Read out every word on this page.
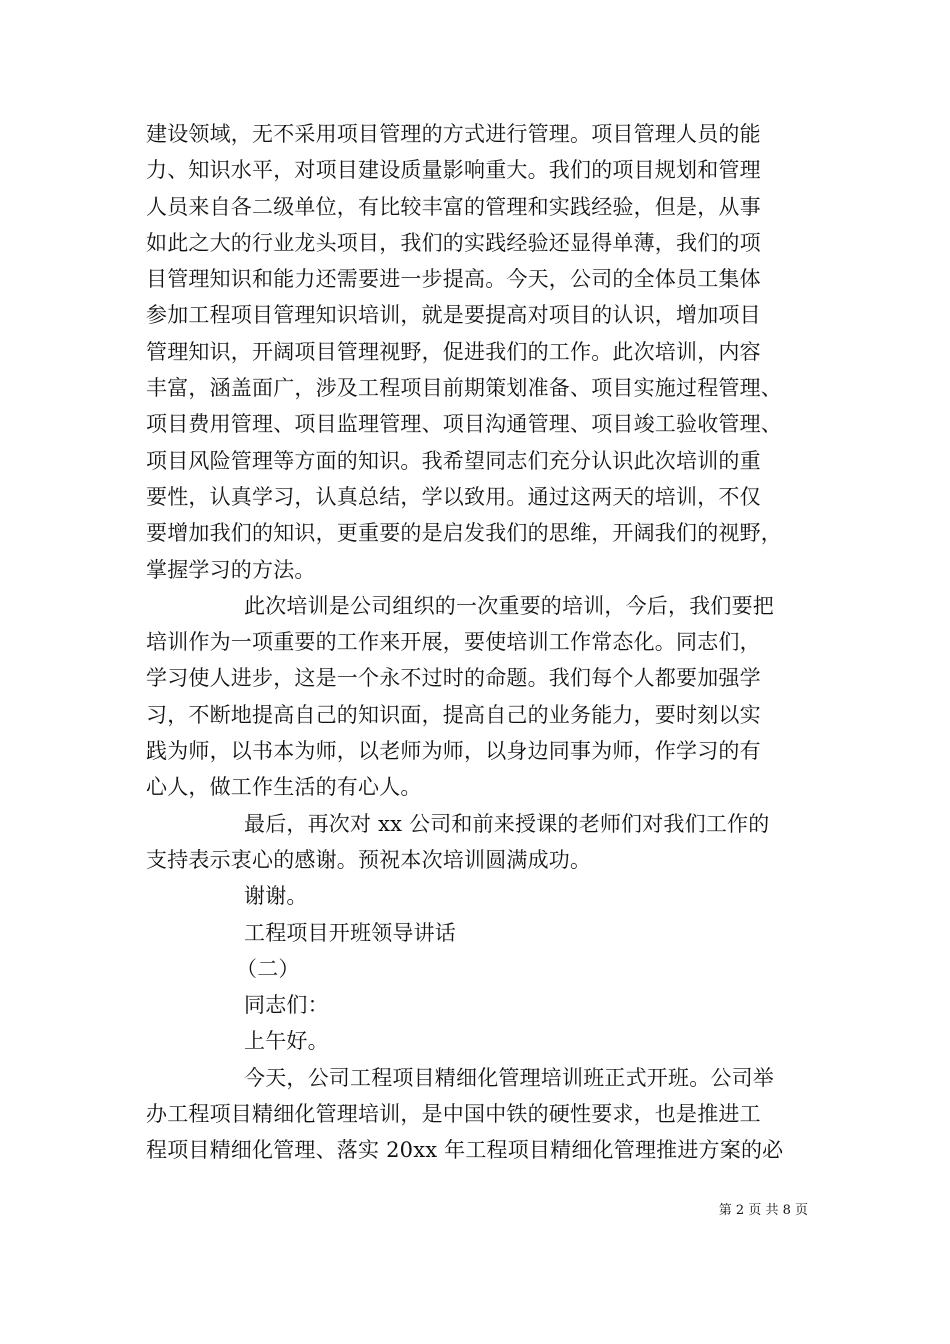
建设领域，无不采用项目管理的方式进行管理。项目管理人员的能
力、知识水平，对项目建设质量影响重大。我们的项目规划和管理
人员来自各二级单位，有比较丰富的管理和实践经验，但是，从事
如此之大的行业龙头项目，我们的实践经验还显得单薄，我们的项
目管理知识和能力还需要进一步提高。今天，公司的全体员工集体
参加工程项目管理知识培训，就是要提高对项目的认识，增加项目
管理知识，开阔项目管理视野，促进我们的工作。此次培训，内容
丰富，涵盖面广，涉及工程项目前期策划准备、项目实施过程管理、
项目费用管理、项目监理管理、项目沟通管理、项目竣工验收管理、
项目风险管理等方面的知识。我希望同志们充分认识此次培训的重
要性，认真学习，认真总结，学以致用。通过这两天的培训，不仅
要增加我们的知识，更重要的是启发我们的思维，开阔我们的视野，
掌握学习的方法。
此次培训是公司组织的一次重要的培训，今后，我们要把
培训作为一项重要的工作来开展，要使培训工作常态化。同志们，
学习使人进步，这是一个永不过时的命题。我们每个人都要加强学
习，不断地提高自己的知识面，提高自己的业务能力，要时刻以实
践为师，以书本为师，以老师为师，以身边同事为师，作学习的有
心人，做工作生活的有心人。
最后，再次对 xx 公司和前来授课的老师们对我们工作的
支持表示衷心的感谢。预祝本次培训圆满成功。
谢谢。
工程项目开班领导讲话
（二）
同志们：
上午好。
今天，公司工程项目精细化管理培训班正式开班。公司举
办工程项目精细化管理培训，是中国中铁的硬性要求，也是推进工
程项目精细化管理、落实 20xx 年工程项目精细化管理推进方案的必
第 2 页 共 8 页
